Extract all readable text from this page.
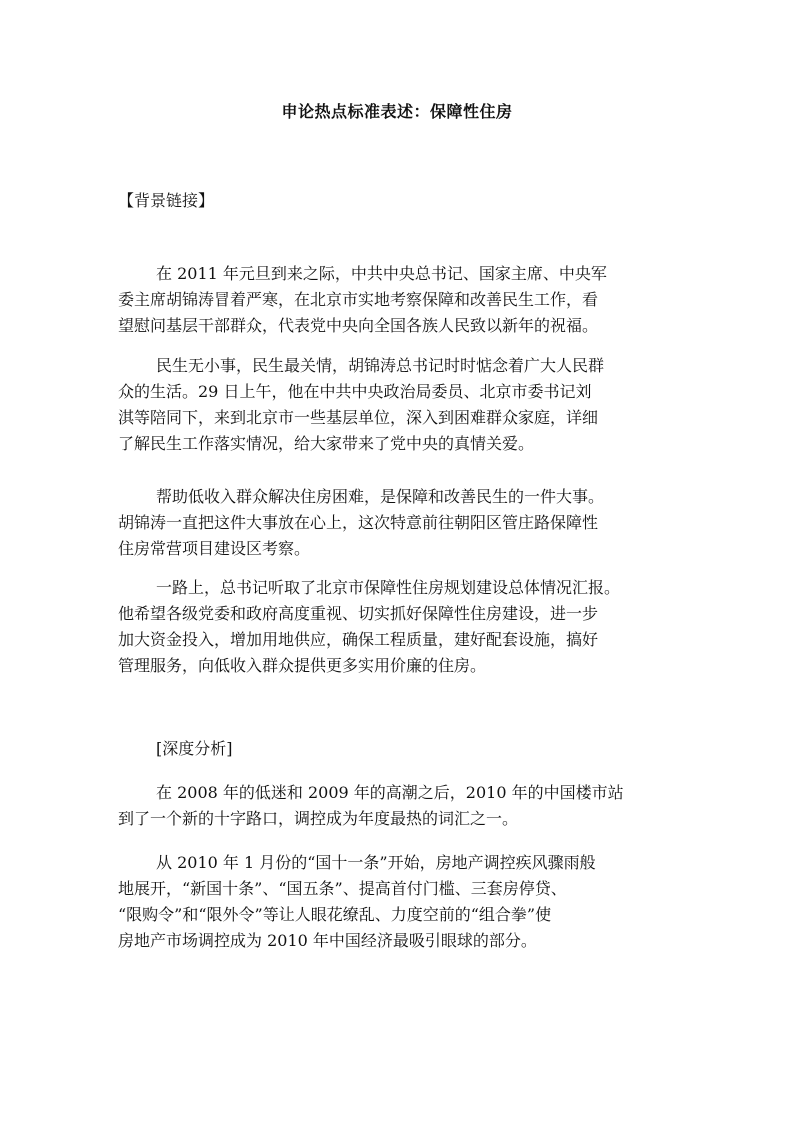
申论热点标准表述：保障性住房
【背景链接】
在 2011 年元旦到来之际，中共中央总书记、国家主席、中央军
委主席胡锦涛冒着严寒，在北京市实地考察保障和改善民生工作，看
望慰问基层干部群众，代表党中央向全国各族人民致以新年的祝福。
民生无小事，民生最关情，胡锦涛总书记时时惦念着广大人民群
众的生活。29 日上午，他在中共中央政治局委员、北京市委书记刘
淇等陪同下，来到北京市一些基层单位，深入到困难群众家庭，详细
了解民生工作落实情况，给大家带来了党中央的真情关爱。
帮助低收入群众解决住房困难，是保障和改善民生的一件大事。
胡锦涛一直把这件大事放在心上，这次特意前往朝阳区管庄路保障性
住房常营项目建设区考察。
一路上，总书记听取了北京市保障性住房规划建设总体情况汇报。
他希望各级党委和政府高度重视、切实抓好保障性住房建设，进一步
加大资金投入，增加用地供应，确保工程质量，建好配套设施，搞好
管理服务，向低收入群众提供更多实用价廉的住房。
[深度分析]
在 2008 年的低迷和 2009 年的高潮之后，2010 年的中国楼市站
到了一个新的十字路口，调控成为年度最热的词汇之一。
从 2010 年 1 月份的“国十一条”开始，房地产调控疾风骤雨般
地展开，“新国十条”、“国五条”、提高首付门槛、三套房停贷、
“限购令”和“限外令”等让人眼花缭乱、力度空前的“组合拳”使
房地产市场调控成为 2010 年中国经济最吸引眼球的部分。
